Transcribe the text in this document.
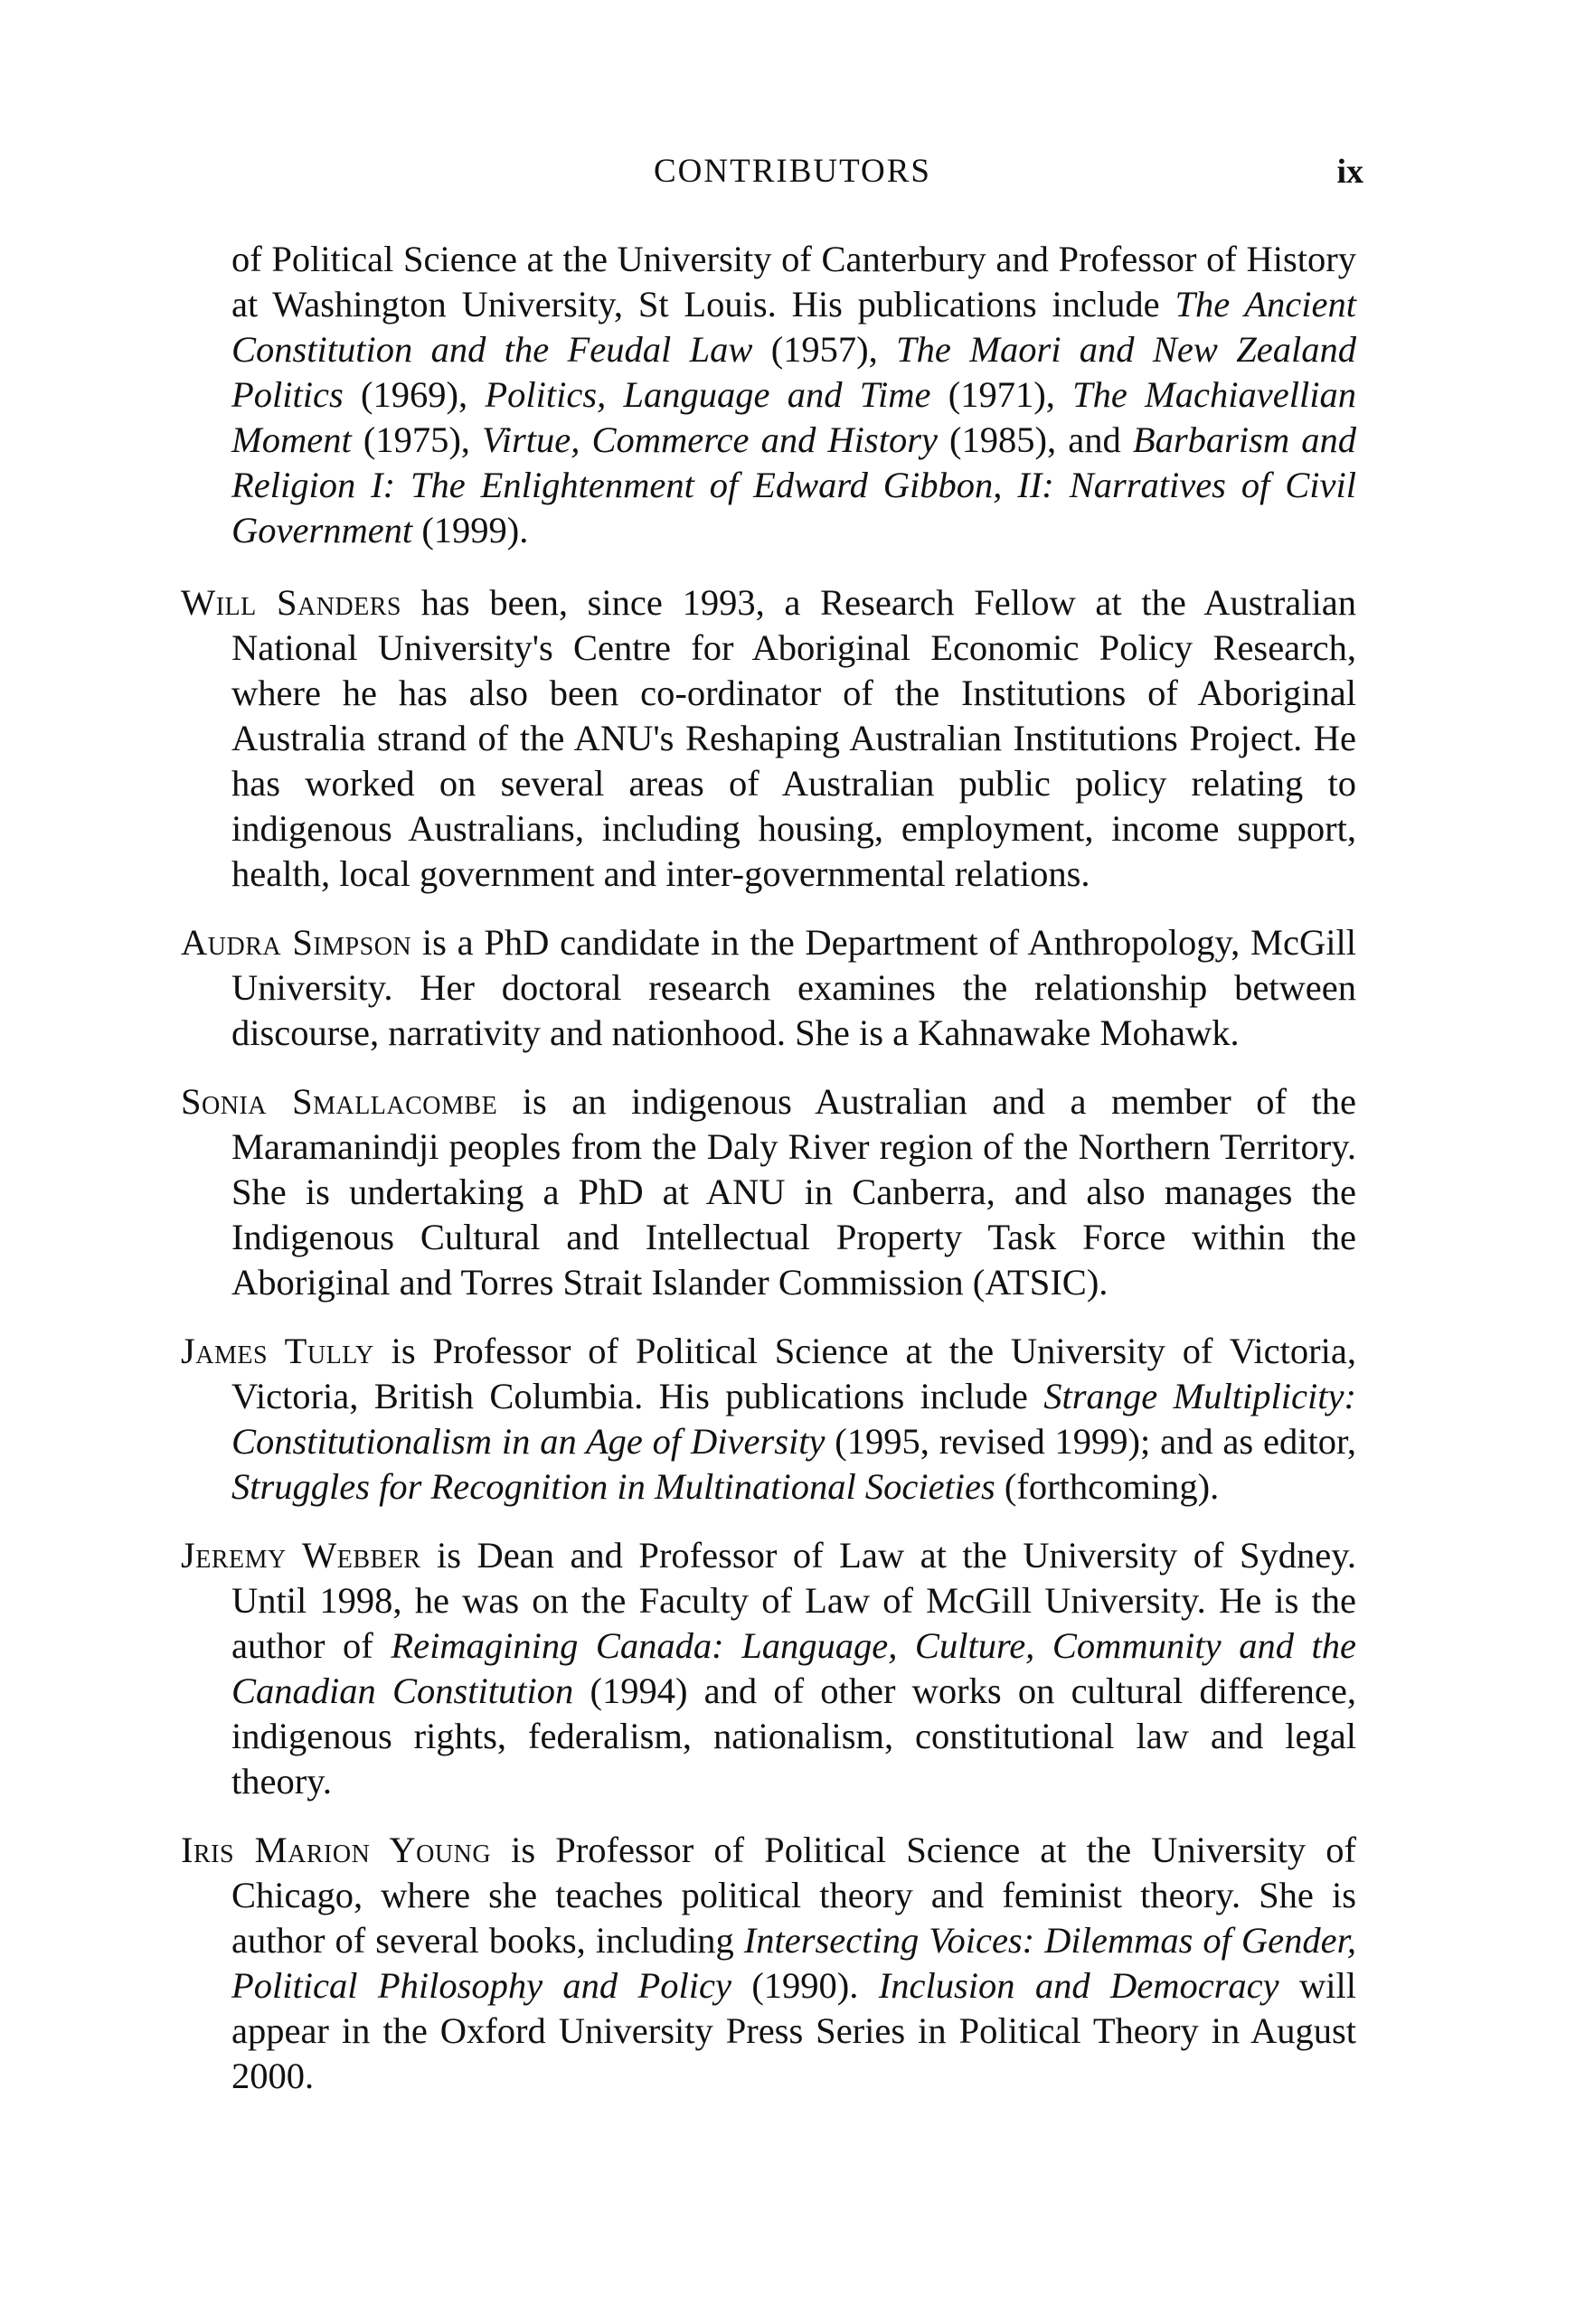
CONTRIBUTORS	ix

of Political Science at the University of Canterbury and Professor of History at Washington University, St Louis. His publications include The Ancient Constitution and the Feudal Law (1957), The Maori and New Zealand Politics (1969), Politics, Language and Time (1971), The Machiavellian Moment (1975), Virtue, Commerce and History (1985), and Barbarism and Religion I: The Enlightenment of Edward Gibbon, II: Narratives of Civil Government (1999).

Will Sanders has been, since 1993, a Research Fellow at the Australian National University's Centre for Aboriginal Economic Policy Research, where he has also been co-ordinator of the Institutions of Aboriginal Australia strand of the ANU's Reshaping Australian Institutions Project. He has worked on several areas of Australian public policy relating to indigenous Australians, including housing, employment, income support, health, local government and inter-governmental relations.

Audra Simpson is a PhD candidate in the Department of Anthropology, McGill University. Her doctoral research examines the relationship between discourse, narrativity and nationhood. She is a Kahnawake Mohawk.

Sonia Smallacombe is an indigenous Australian and a member of the Maramanindji peoples from the Daly River region of the Northern Territory. She is undertaking a PhD at ANU in Canberra, and also manages the Indigenous Cultural and Intellectual Property Task Force within the Aboriginal and Torres Strait Islander Commission (ATSIC).

James Tully is Professor of Political Science at the University of Victoria, Victoria, British Columbia. His publications include Strange Multiplicity: Constitutionalism in an Age of Diversity (1995, revised 1999); and as editor, Struggles for Recognition in Multinational Societies (forthcoming).

Jeremy Webber is Dean and Professor of Law at the University of Sydney. Until 1998, he was on the Faculty of Law of McGill University. He is the author of Reimagining Canada: Language, Culture, Community and the Canadian Constitution (1994) and of other works on cultural difference, indigenous rights, federalism, nationalism, constitutional law and legal theory.

Iris Marion Young is Professor of Political Science at the University of Chicago, where she teaches political theory and feminist theory. She is author of several books, including Intersecting Voices: Dilemmas of Gender, Political Philosophy and Policy (1990). Inclusion and Democracy will appear in the Oxford University Press Series in Political Theory in August 2000.
